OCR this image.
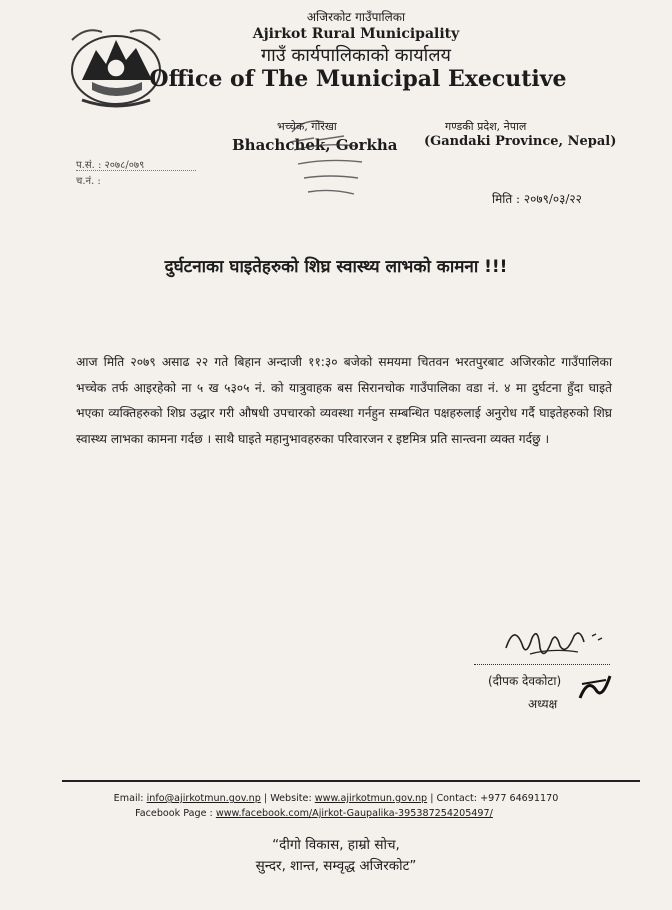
अजिरकोट गाउँपालिका
Ajirkot Rural Municipality
गाउँ कार्यपालिकाको कार्यालय
Office of The Municipal Executive
भच्चेक, गोरखा
Bhachchek, Gorkha
गण्डकी प्रदेश, नेपाल
(Gandaki Province, Nepal)
प.सं. : २०७८/०७९
च.नं. :
मिति : २०७९/०३/२२
दुर्घटनाका घाइतेहरुको शिघ्र स्वास्थ्य लाभको कामना !!!
आज मिति २०७९ असाढ २२ गते बिहान अन्दाजी ११:३० बजेको समयमा चितवन भरतपुरबाट अजिरकोट गाउँपालिका भच्चेक तर्फ आइरहेको ना ५ ख ५३०५ नं. को यात्रुवाहक बस सिरानचोक गाउँपालिका वडा नं. ४ मा दुर्घटना हुँदा घाइते भएका व्यक्तिहरुको शिघ्र उद्धार गरी औषधी उपचारको व्यवस्था गर्नहुन सम्बन्धित पक्षहरुलाई अनुरोध गर्दै घाइतेहरुको शिघ्र स्वास्थ्य लाभका कामना गर्दछ । साथै घाइते महानुभावहरुका परिवारजन र इष्टमित्र प्रति सान्त्वना व्यक्त गर्दछु ।
(दीपक देवकोटा)
अध्यक्ष
Email: info@ajirkotmun.gov.np | Website: www.ajirkotmun.gov.np | Contact: +977 64691170
Facebook Page : www.facebook.com/Ajirkot-Gaupalika-395387254205497/
“दीगो विकास, हाम्रो सोच,
सुन्दर, शान्त, सम्वृद्ध अजिरकोट”
